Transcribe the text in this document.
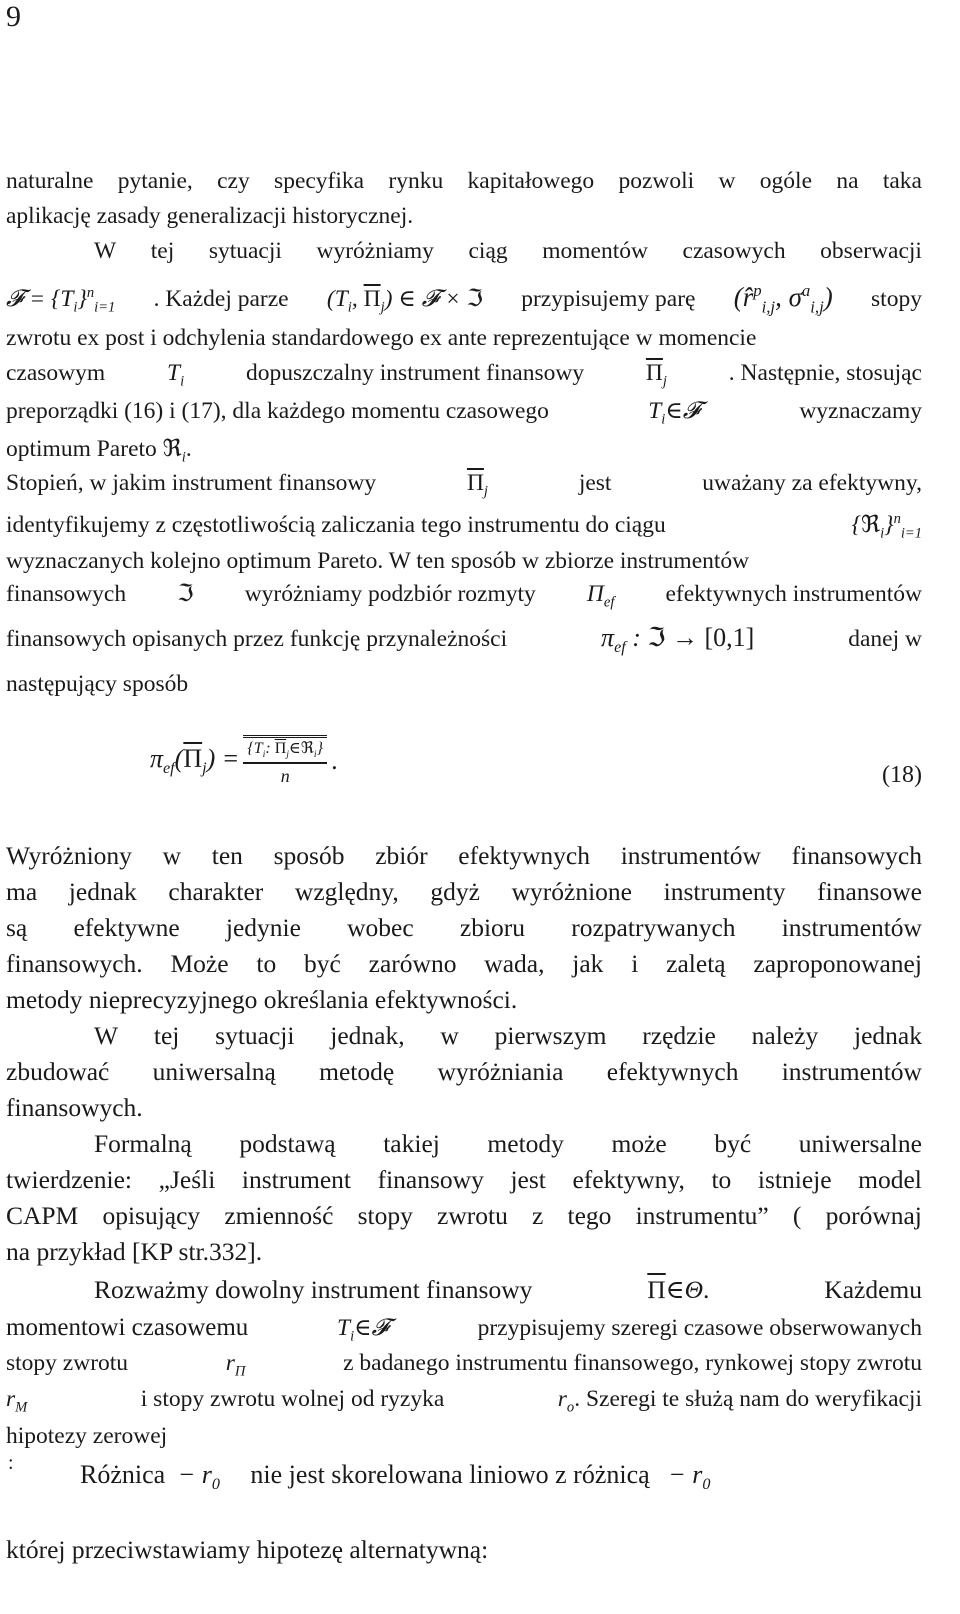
9
naturalne pytanie, czy specyfika rynku kapitałowego pozwoli w ogóle na taka
aplikację zasady generalizacji historycznej.
W tej sytuacji wyróżniamy ciąg momentów czasowych obserwacji
𝓕 = $\{T_i\}^n_{i=1}$ . Każdej parze ($T_i$, $\overline{\Pi}_j$) ∈ 𝓕 × ℑ przypisujemy parę (r̂$^p_{i,j}$, $\sigma^a_{i,j}$) stopy
zwrotu ex post i odchylenia standardowego ex ante reprezentujące w momencie
czasowym	$T_i$	dopuszczalny instrument finansowy	$\overline{\Pi}_j$	. Następnie, stosując
preporządki (16) i (17), dla każdego momentu czasowego	$T_i\in 𝓕$	wyznaczamy
optimum Pareto ℜ$_i$.
Stopień, w jakim instrument finansowy	$\overline{\Pi}_j$	jest	uważany za efektywny,
identyfikujemy z częstotliwością zaliczania tego instrumentu do ciągu	{ℜ$_i$}$^n_{i=1}$
wyznaczanych kolejno optimum Pareto. W ten sposób w zbiorze instrumentów
finansowych ℑ wyróżniamy podzbiór rozmyty $\Pi_{ef}$ efektywnych instrumentów
finansowych opisanych przez funkcję przynależności	$\pi_{ef}$ : ℑ → [0,1]	danej w
następujący sposób
$\pi_{ef}(\overline{\Pi}_j) = \frac{\{T_i: \overline{\Pi}_j\in ℜ_i\}}{n}$ .	(18)
Wyróżniony w ten sposób zbiór efektywnych instrumentów finansowych
ma jednak charakter względny, gdyż wyróżnione instrumenty finansowe
są efektywne jedynie wobec zbioru rozpatrywanych instrumentów
finansowych. Może to być zarówno wada, jak i zaletą zaproponowanej
metody nieprecyzyjnego określania efektywności.
W tej sytuacji jednak, w pierwszym rzędzie należy jednak
zbudować uniwersalną metodę wyróżniania efektywnych instrumentów
finansowych.
Formalną podstawą takiej metody może być uniwersalne
twierdzenie: „Jeśli instrument finansowy jest efektywny, to istnieje model
CAPM opisujący zmienność stopy zwrotu z tego instrumentu” ( porównaj
na przykład [KP str.332].
Rozważmy dowolny instrument finansowy	$\overline{\Pi}\in\Theta$.	Każdemu
momentowi czasowemu	$T_i\in 𝓕$	przypisujemy szeregi czasowe obserwowanych
stopy zwrotu	$r_\Pi$	z badanego instrumentu finansowego, rynkowej stopy zwrotu
$r_M$	i stopy zwrotu wolnej od ryzyka	$r_o$. Szeregi te służą nam do weryfikacji
hipotezy zerowej
:	Różnica − $r_0$ nie jest skorelowana liniowo z różnicą − $r_0$
której przeciwstawiamy hipotezę alternatywną:
